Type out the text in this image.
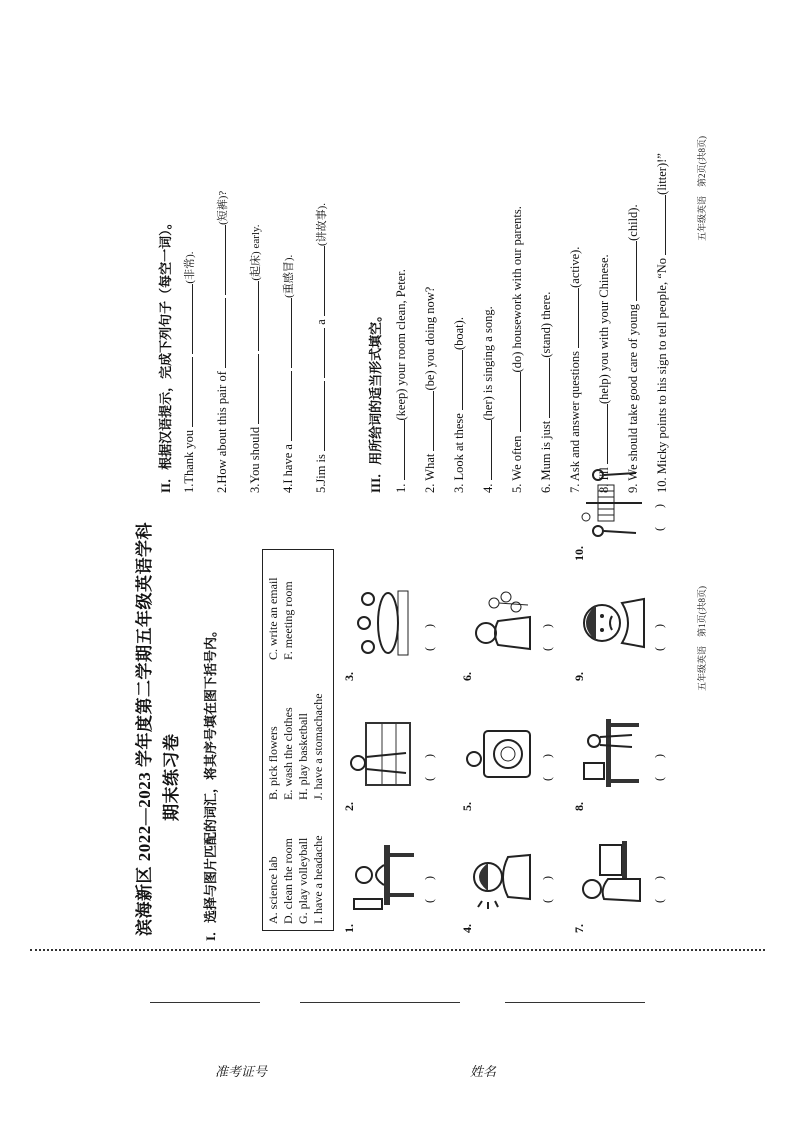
准考证号	姓名
滨海新区 2022—2023 学年度第二学期五年级英语学科 期末练习卷 I．选择与图片匹配的词汇，将其序号填在图下括号内。	A. science lab D. clean the room G. play volleyball I. have a headache
B. pick flowers E. wash the clothes H. play basketball J. have a stomachache
C. write an email F. meeting room
1.
( )
2.
( )
3.
( )
4.
( )
5.
( )
6.
( )
7.
( )
8.
( )
9.
( )
10.
( )
五年级英语　第1页(共8页)
II．根据汉语提示，完成下列句子（每空一词）。 1.Thank you  (非常).
2.How about this pair of  (短裤)?
3.You should  (起床) early.
4.I have a  (重感冒).
5.Jim is   a (讲故事).
III．用所给词的适当形式填空。 1. (keep) your room clean, Peter.
2. What (be) you doing now?
3. Look at these (boat).
4. (her) is singing a song.
5. We often (do) housework with our parents.
6. Mum is just (stand) there.
7. Ask and answer questions (active).
8. I'll (help) you with your Chinese.
9. We should take good care of young (child).
10. Micky points to his sign to tell people, “No (litter)!”	五年级英语　第2页(共8页)
